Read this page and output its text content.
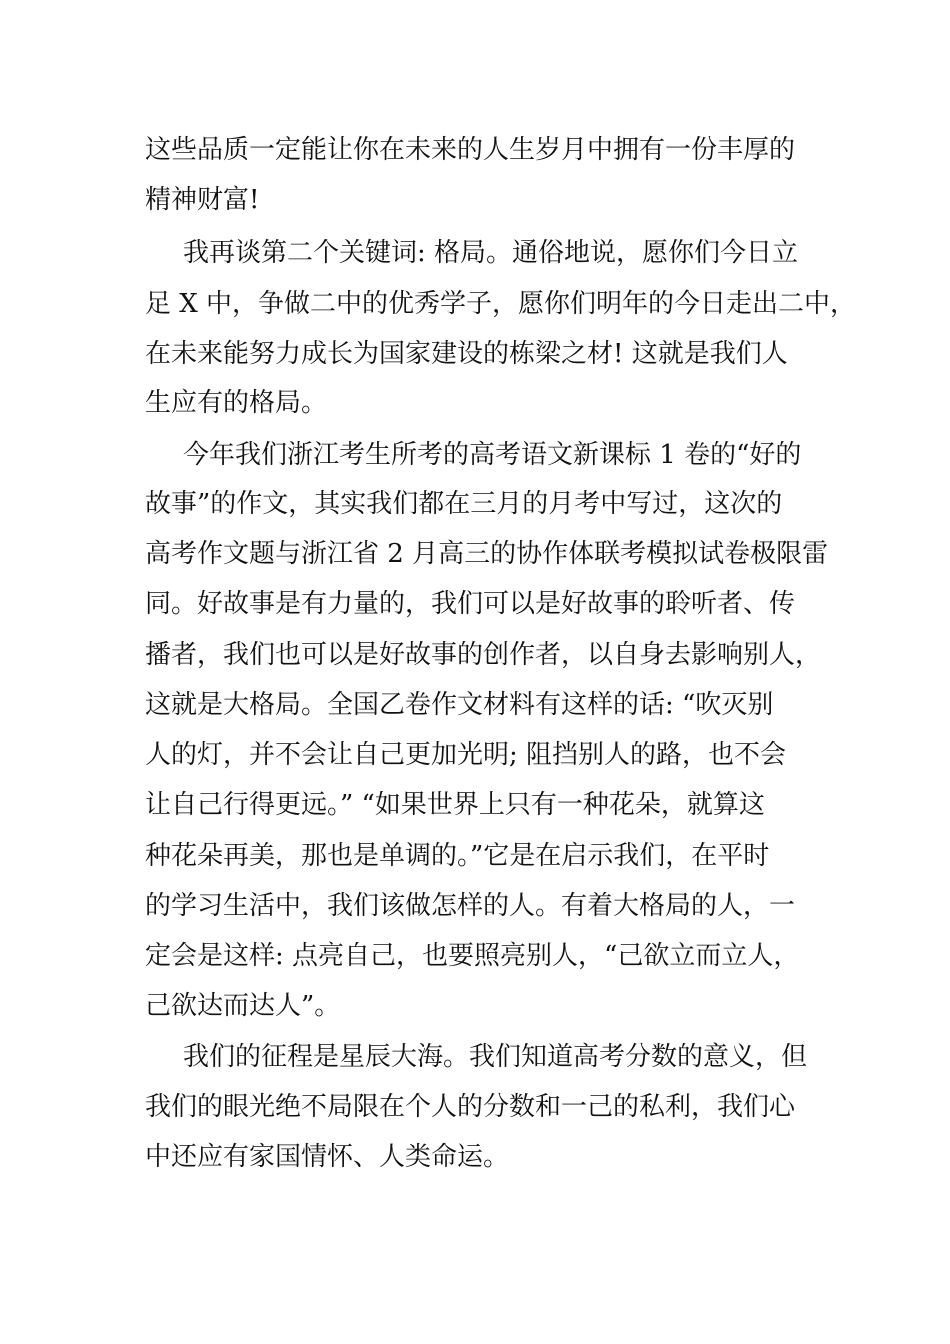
这些品质一定能让你在未来的人生岁月中拥有一份丰厚的
精神财富!
我再谈第二个关键词: 格局。通俗地说，愿你们今日立
足 X 中，争做二中的优秀学子，愿你们明年的今日走出二中，
在未来能努力成长为国家建设的栋梁之材! 这就是我们人
生应有的格局。
今年我们浙江考生所考的高考语文新课标 1 卷的“好的
故事”的作文，其实我们都在三月的月考中写过，这次的
高考作文题与浙江省 2 月高三的协作体联考模拟试卷极限雷
同。好故事是有力量的，我们可以是好故事的聆听者、传
播者，我们也可以是好故事的创作者，以自身去影响别人，
这就是大格局。全国乙卷作文材料有这样的话: “吹灭别
人的灯，并不会让自己更加光明; 阻挡别人的路，也不会
让自己行得更远。” “如果世界上只有一种花朵，就算这
种花朵再美，那也是单调的。”它是在启示我们，在平时
的学习生活中，我们该做怎样的人。有着大格局的人，一
定会是这样: 点亮自己，也要照亮别人，“己欲立而立人，
己欲达而达人”。
我们的征程是星辰大海。我们知道高考分数的意义，但
我们的眼光绝不局限在个人的分数和一己的私利，我们心
中还应有家国情怀、人类命运。
